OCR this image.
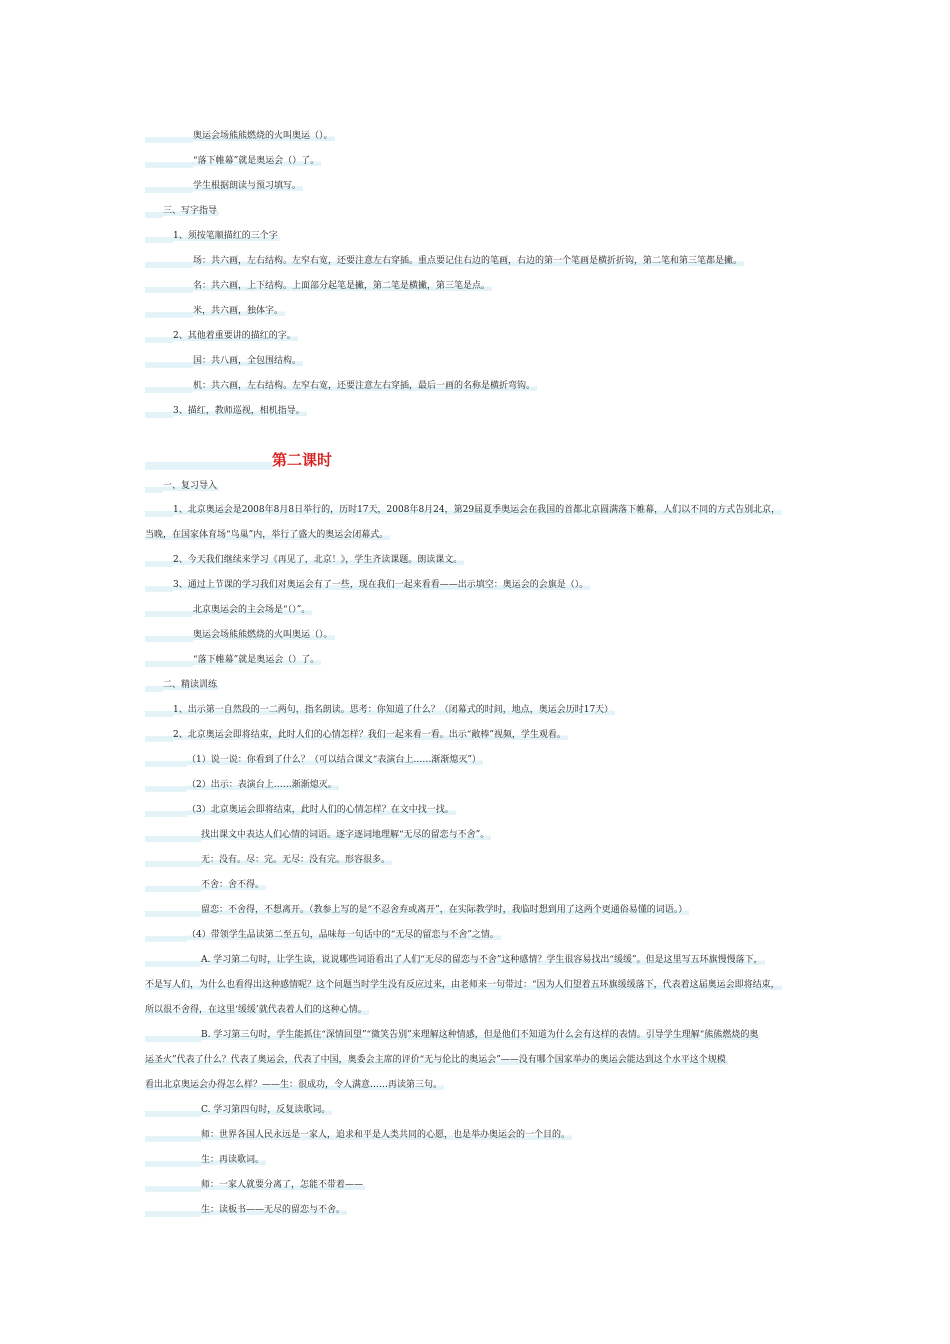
奥运会场熊熊燃烧的火叫奥运（）。
“落下帷幕”就是奥运会（）了。
学生根据朗读与预习填写。
三、写字指导
1、须按笔顺描红的三个字
场：共六画，左右结构。左窄右宽，还要注意左右穿插。重点要记住右边的笔画，右边的第一个笔画是横折折钩，第二笔和第三笔都是撇。
名：共六画，上下结构。上面部分起笔是撇，第二笔是横撇，第三笔是点。
米，共六画，独体字。
2、其他着重要讲的描红的字。
国：共八画，全包围结构。
机：共六画，左右结构。左窄右宽，还要注意左右穿插，最后一画的名称是横折弯钩。
3、描红，教师巡视，相机指导。
第二课时
一、复习导入
1、北京奥运会是2008年8月8日举行的，历时17天，2008年8月24，第29届夏季奥运会在我国的首都北京圆满落下帷幕，人们以不同的方式告别北京，
当晚，在国家体育场“鸟巢”内，举行了盛大的奥运会闭幕式。
2、今天我们继续来学习《再见了，北京！》，学生齐读课题。朗读课文。
3、通过上节课的学习我们对奥运会有了一些，现在我们一起来看看——出示填空：奥运会的会旗是（）。
北京奥运会的主会场是“（）”。
奥运会场熊熊燃烧的火叫奥运（）。
“落下帷幕”就是奥运会（）了。
二、精读训练
1、出示第一自然段的一二两句，指名朗读。思考：你知道了什么？（闭幕式的时间，地点，奥运会历时17天）
2、北京奥运会即将结束，此时人们的心情怎样？我们一起来看一看。出示“敞棒”视频，学生观看。
（1）说一说：你看到了什么？（可以结合课文“表演台上……渐渐熄灭”）
（2）出示：表演台上……渐渐熄灭。
（3）北京奥运会即将结束，此时人们的心情怎样？在文中找一找。
找出课文中表达人们心情的词语。逐字逐词地理解“无尽的留恋与不舍”。
无：没有。尽：完。无尽：没有完。形容很多。
不舍：舍不得。
留恋：不舍得，不想离开。（教参上写的是“不忍舍弃或离开”，在实际教学时，我临时想到用了这两个更通俗易懂的词语。）
（4）带领学生品读第二至五句，品味每一句话中的“无尽的留恋与不舍”之情。
A. 学习第二句时，让学生读，说说哪些词语看出了人们“无尽的留恋与不舍”这种感情？学生很容易找出“缓缓”。但是这里写五环旗慢慢落下，
不是写人们，为什么也看得出这种感情呢？这个问题当时学生没有反应过来，由老师来一句带过：“因为人们望着五环旗缓缓落下，代表着这届奥运会即将结束，
所以很不舍得，在这里‘缓缓’就代表着人们的这种心情。
B. 学习第三句时，学生能抓住“深情回望”“微笑告别”来理解这种情感，但是他们不知道为什么会有这样的表情。引导学生理解“熊熊燃烧的奥
运圣火”代表了什么？代表了奥运会，代表了中国，奥委会主席的评价“无与伦比的奥运会”——没有哪个国家举办的奥运会能达到这个水平这个规模
看出北京奥运会办得怎么样？——生：很成功，令人满意……再读第三句。
C. 学习第四句时，反复读歌词。
师：世界各国人民永远是一家人，追求和平是人类共同的心愿，也是举办奥运会的一个目的。
生：再读歌词。
师：一家人就要分离了，怎能不带着——
生：读板书——无尽的留恋与不舍。
